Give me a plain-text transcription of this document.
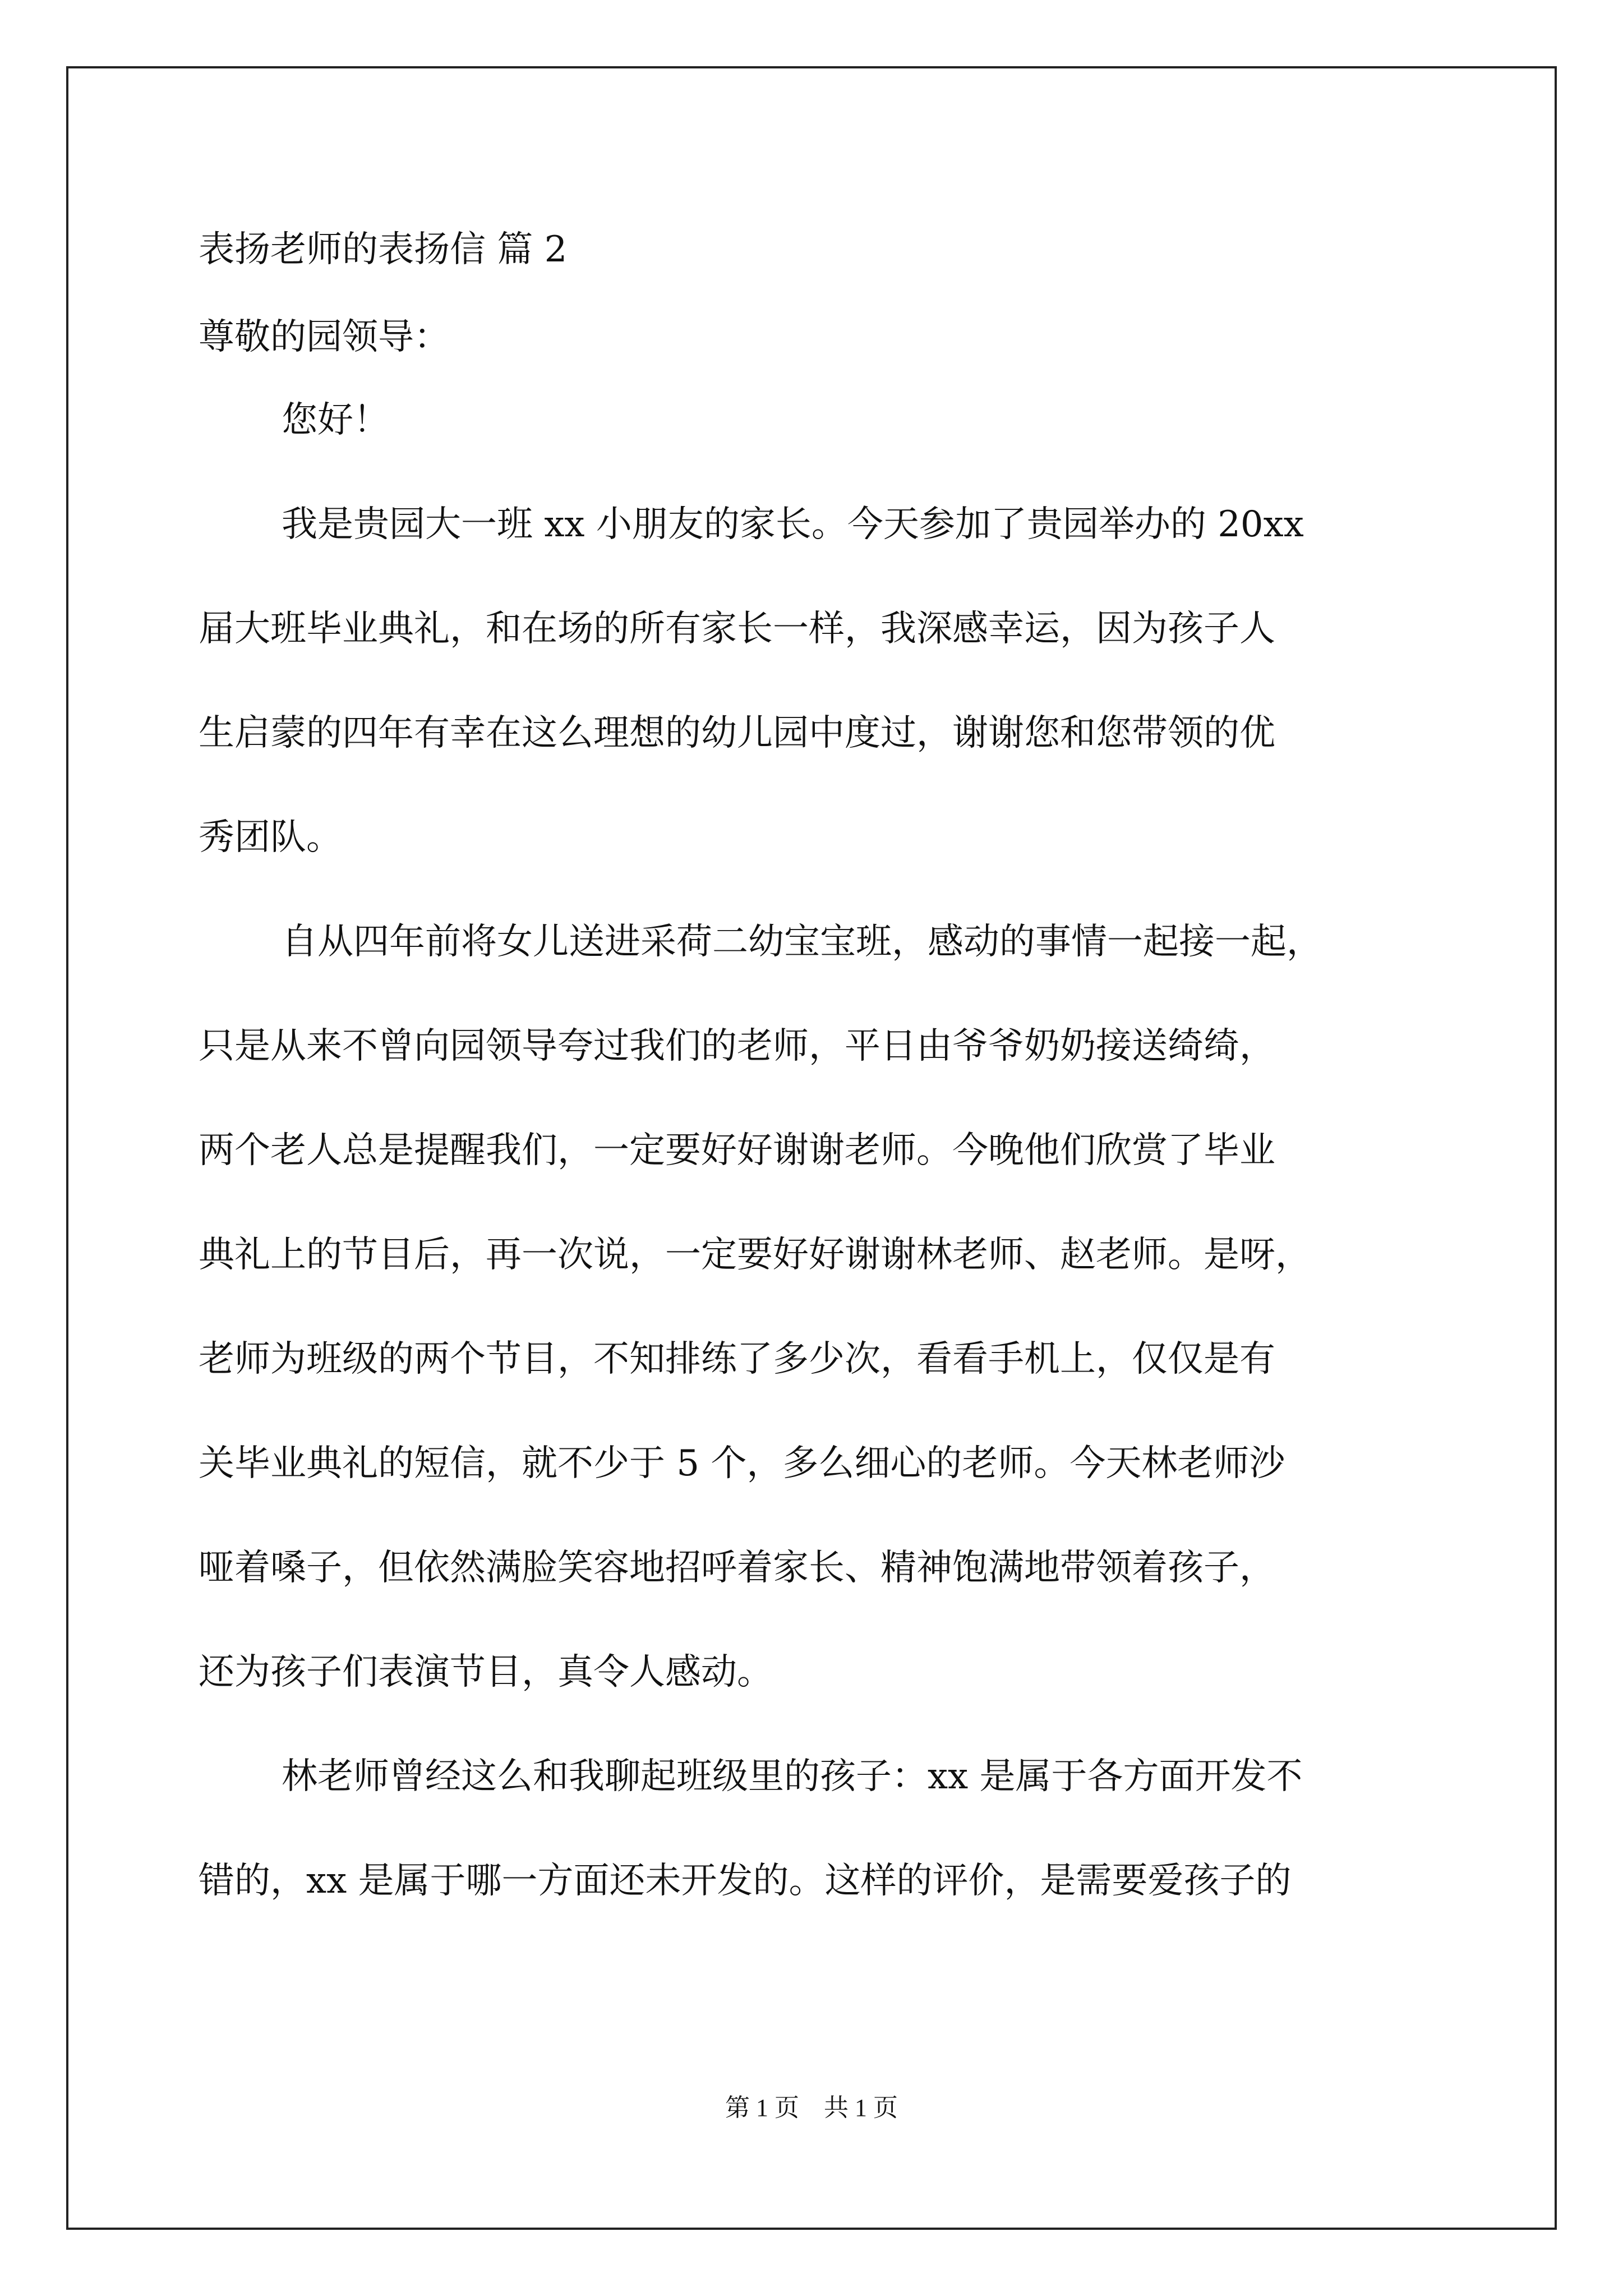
表扬老师的表扬信 篇 2

尊敬的园领导：

您好！
我是贵园大一班 xx 小朋友的家长。今天参加了贵园举办的 20xx
届大班毕业典礼，和在场的所有家长一样，我深感幸运，因为孩子人
生启蒙的四年有幸在这么理想的幼儿园中度过，谢谢您和您带领的优
秀团队。
自从四年前将女儿送进采荷二幼宝宝班，感动的事情一起接一起，
只是从来不曾向园领导夸过我们的老师，平日由爷爷奶奶接送绮绮，
两个老人总是提醒我们，一定要好好谢谢老师。今晚他们欣赏了毕业
典礼上的节目后，再一次说，一定要好好谢谢林老师、赵老师。是呀，
老师为班级的两个节目，不知排练了多少次，看看手机上，仅仅是有
关毕业典礼的短信，就不少于 5 个，多么细心的老师。今天林老师沙
哑着嗓子，但依然满脸笑容地招呼着家长、精神饱满地带领着孩子，
还为孩子们表演节目，真令人感动。
林老师曾经这么和我聊起班级里的孩子：xx 是属于各方面开发不
错的，xx 是属于哪一方面还未开发的。这样的评价，是需要爱孩子的
第 1 页　共 1 页
